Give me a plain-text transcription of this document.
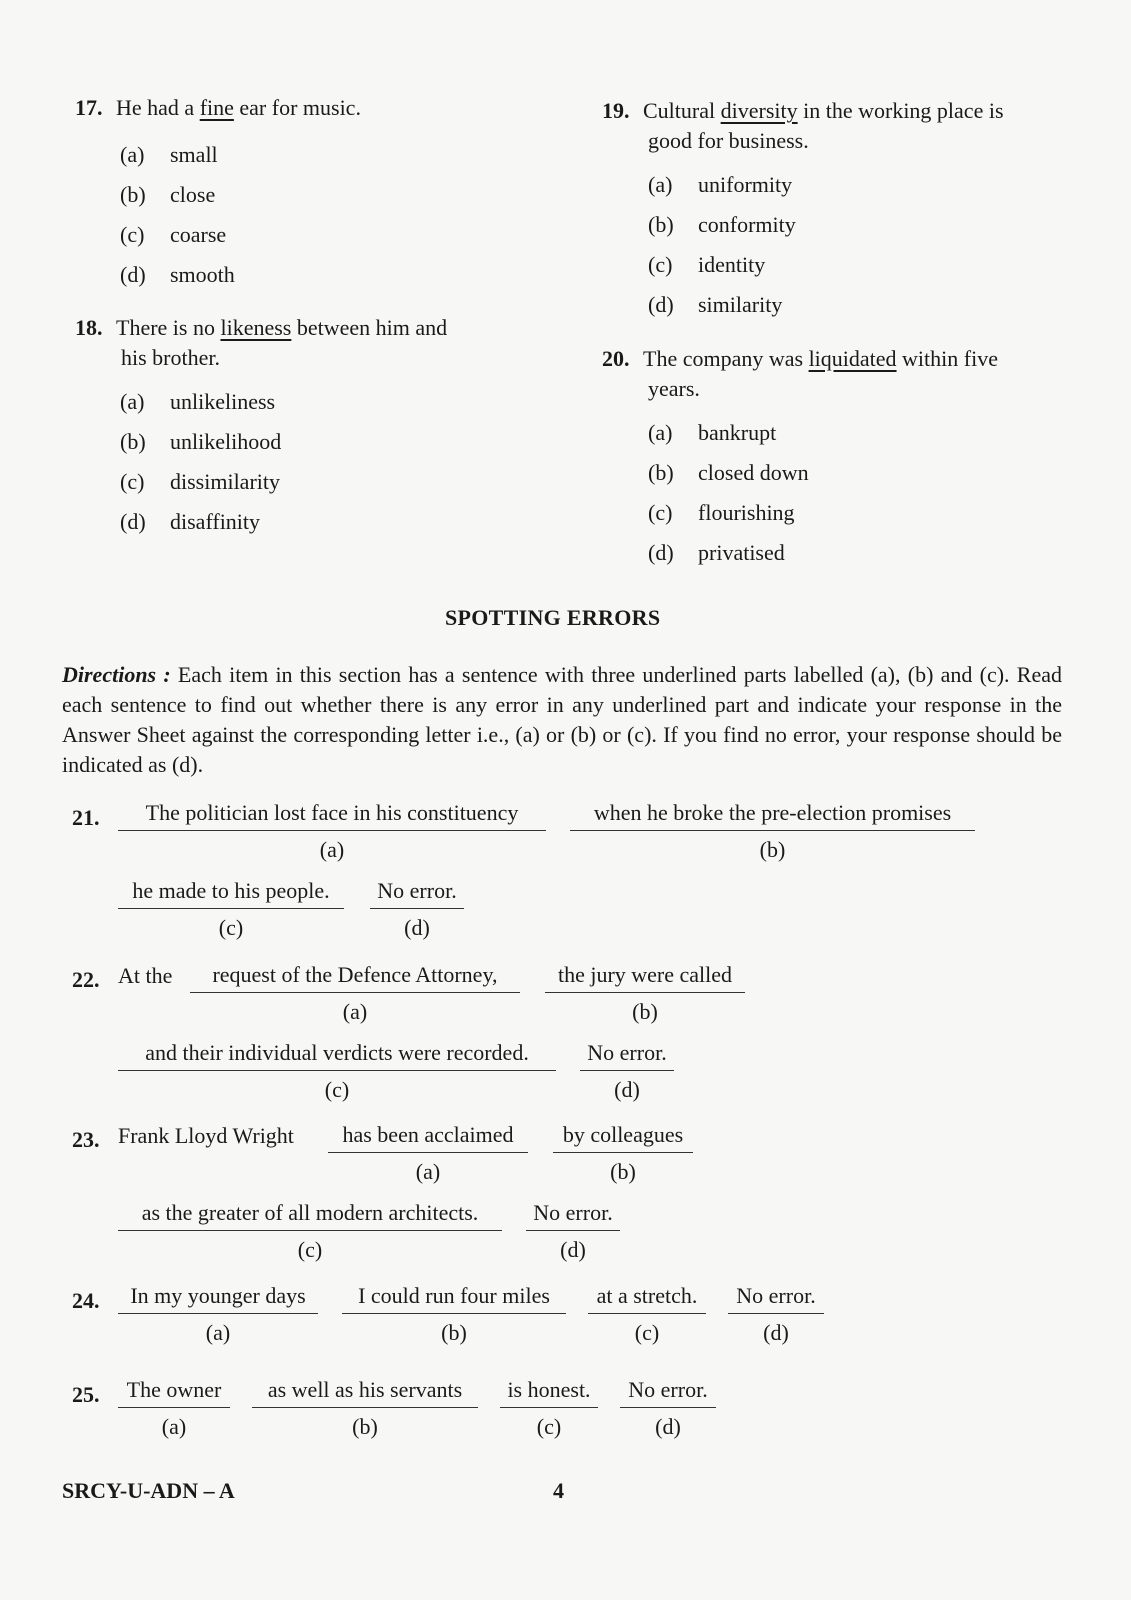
17. He had a fine ear for music.
(a) small
(b) close
(c) coarse
(d) smooth
18. There is no likeness between him and
his brother.
(a) unlikeliness
(b) unlikelihood
(c) dissimilarity
(d) disaffinity
19. Cultural diversity in the working place is
good for business.
(a) uniformity
(b) conformity
(c) identity
(d) similarity
20. The company was liquidated within five
years.
(a) bankrupt
(b) closed down
(c) flourishing
(d) privatised
SPOTTING ERRORS
Directions : Each item in this section has a sentence with three underlined parts labelled (a), (b) and (c). Read each sentence to find out whether there is any error in any underlined part and indicate your response in the Answer Sheet against the corresponding letter i.e., (a) or (b) or (c). If you find no error, your response should be indicated as (d).
21.	The politician lost face in his constituency
(a)
when he broke the pre-election promises
(b)
he made to his people.
(c)
No error.
(d)
22. At the	request of the Defence Attorney,
(a)
the jury were called
(b)
and their individual verdicts were recorded.
(c)
No error.
(d)
23. Frank Lloyd Wright	has been acclaimed
(a)
by colleagues
(b)
as the greater of all modern architects.
(c)
No error.
(d)
24.	In my younger days
(a)
I could run four miles
(b)
at a stretch.
(c)
No error.
(d)
25.	The owner
(a)
as well as his servants
(b)
is honest.
(c)
No error.
(d)
SRCY-U-ADN – A	4
